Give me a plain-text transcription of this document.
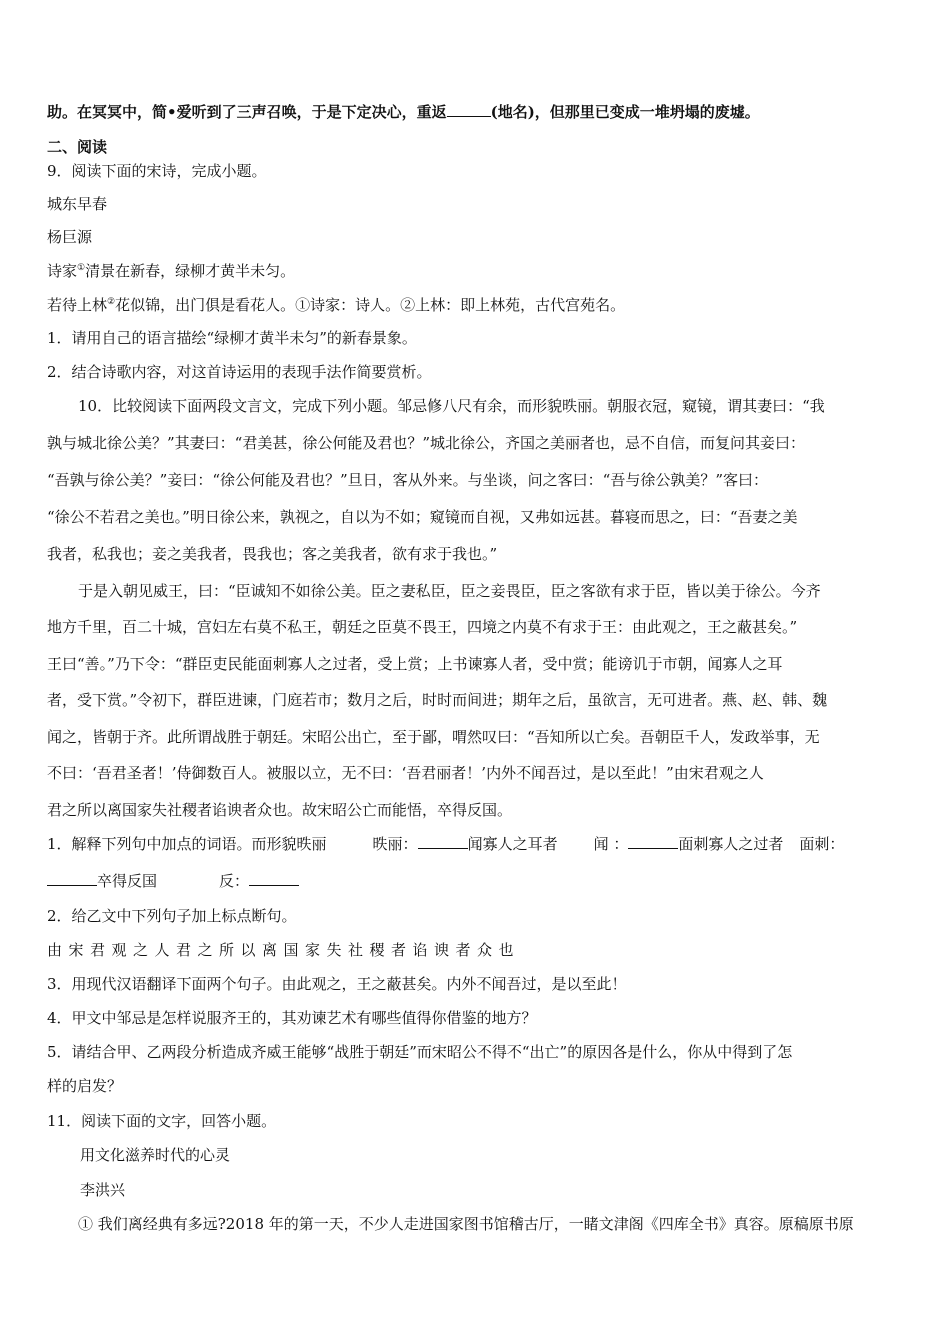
助。在冥冥中，简•爱听到了三声召唤，于是下定决心，重返	(地名)，但那里已变成一堆坍塌的废墟。
二、阅读
9．阅读下面的宋诗，完成小题。
城东早春
杨巨源
诗家①清景在新春，绿柳才黄半未匀。
若待上林②花似锦，出门俱是看花人。①诗家：诗人。②上林：即上林苑，古代宫苑名。
1．请用自己的语言描绘“绿柳才黄半未匀”的新春景象。
2．结合诗歌内容，对这首诗运用的表现手法作简要赏析。
10．比较阅读下面两段文言文，完成下列小题。邹忌修八尺有余，而形貌昳丽。朝服衣冠，窥镜，谓其妻曰：“我
孰与城北徐公美？”其妻曰：“君美甚，徐公何能及君也？”城北徐公，齐国之美丽者也，忌不自信，而复问其妾曰：
“吾孰与徐公美？”妾曰：“徐公何能及君也？”旦日，客从外来。与坐谈，问之客曰：“吾与徐公孰美？”客曰：
“徐公不若君之美也。”明日徐公来，孰视之，自以为不如；窥镜而自视，又弗如远甚。暮寝而思之，曰：“吾妻之美
我者，私我也；妾之美我者，畏我也；客之美我者，欲有求于我也。”
于是入朝见威王，曰：“臣诚知不如徐公美。臣之妻私臣，臣之妾畏臣，臣之客欲有求于臣，皆以美于徐公。今齐
地方千里，百二十城，宫妇左右莫不私王，朝廷之臣莫不畏王，四境之内莫不有求于王：由此观之，王之蔽甚矣。”
王曰“善。”乃下令：“群臣吏民能面刺寡人之过者，受上赏；上书谏寡人者，受中赏；能谤讥于市朝，闻寡人之耳
者，受下赏。”令初下，群臣进谏，门庭若市；数月之后，时时而间进；期年之后，虽欲言，无可进者。燕、赵、韩、魏
闻之，皆朝于齐。此所谓战胜于朝廷。宋昭公出亡，至于鄙，喟然叹曰：“吾知所以亡矣。吾朝臣千人，发政举事，无
不曰：‘吾君圣者！’侍御数百人。被服以立，无不曰：‘吾君丽者！’内外不闻吾过，是以至此！”由宋君观之人
君之所以离国家失社稷者谄谀者众也。故宋昭公亡而能悟，卒得反国。
1．解释下列句中加点的词语。而形貌昳丽	昳丽：	闻寡人之耳者 闻 ：	面刺寡人之过者 面刺：
卒得反国	反：
2．给乙文中下列句子加上标点断句。
由宋君观之人君之所以离国家失社稷者谄谀者众也
3．用现代汉语翻译下面两个句子。由此观之，王之蔽甚矣。内外不闻吾过，是以至此！
4．甲文中邹忌是怎样说服齐王的，其劝谏艺术有哪些值得你借鉴的地方？
5．请结合甲、乙两段分析造成齐威王能够“战胜于朝廷”而宋昭公不得不“出亡”的原因各是什么，你从中得到了怎
样的启发？
11．阅读下面的文字，回答小题。
用文化滋养时代的心灵
李洪兴
① 我们离经典有多远?2018 年的第一天，不少人走进国家图书馆稽古厅，一睹文津阁《四库全书》真容。原稿原书原
